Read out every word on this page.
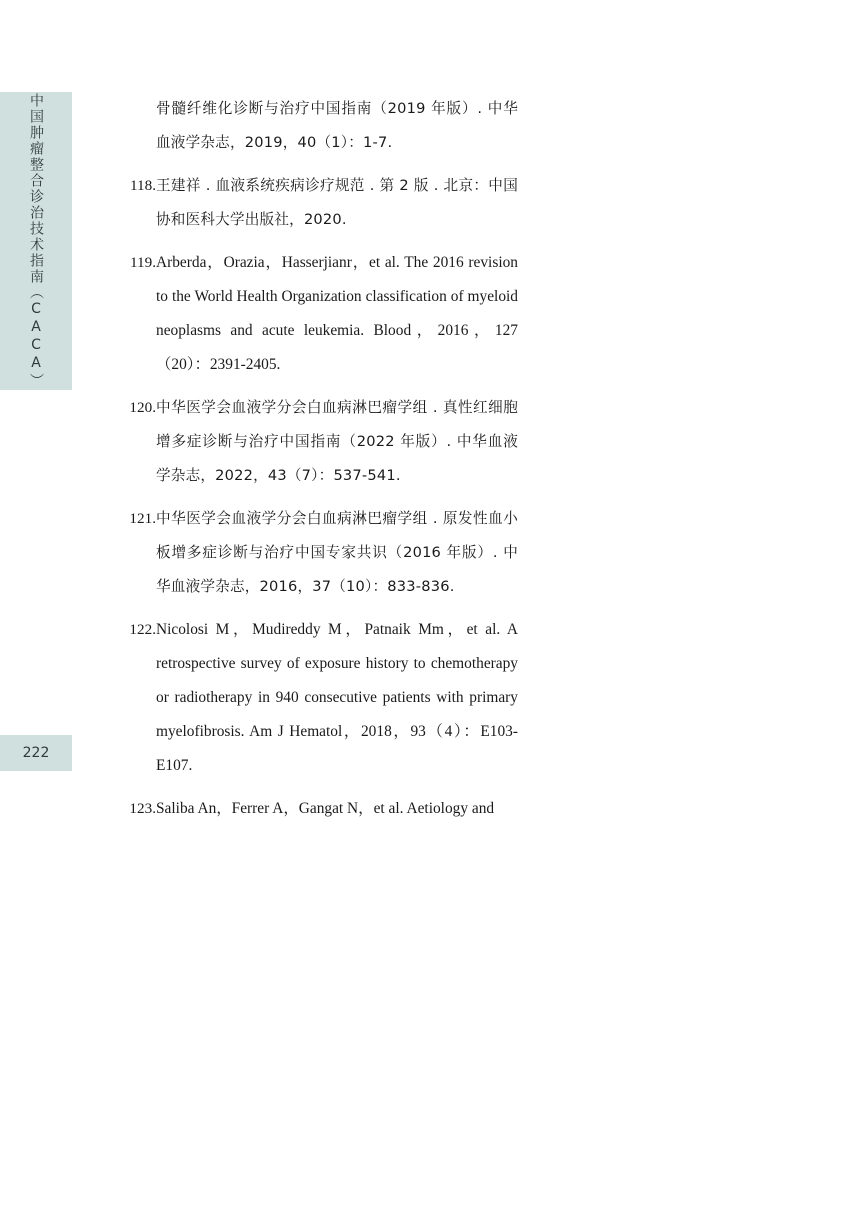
中国肿瘤整合诊治技术指南（CACA）
222
骨髓纤维化诊断与治疗中国指南（2019 年版）. 中华血液学杂志，2019，40（1）：1-7.
118. 王建祥 . 血液系统疾病诊疗规范 . 第 2 版 . 北京：中国协和医科大学出版社，2020.
119. Arberda，Orazia，Hasserjianr，et al. The 2016 revision to the World Health Organization classification of myeloid neoplasms and acute leukemia. Blood，2016，127（20）：2391-2405.
120. 中华医学会血液学分会白血病淋巴瘤学组 . 真性红细胞增多症诊断与治疗中国指南（2022 年版）. 中华血液学杂志，2022，43（7）：537-541.
121. 中华医学会血液学分会白血病淋巴瘤学组 . 原发性血小板增多症诊断与治疗中国专家共识（2016 年版）. 中华血液学杂志，2016，37（10）：833-836.
122. Nicolosi M，Mudireddy M，Patnaik Mm，et al. A retrospective survey of exposure history to chemotherapy or radiotherapy in 940 consecutive patients with primary myelofibrosis. Am J Hematol，2018，93（4）：E103-E107.
123. Saliba An，Ferrer A，Gangat N，et al. Aetiology and
